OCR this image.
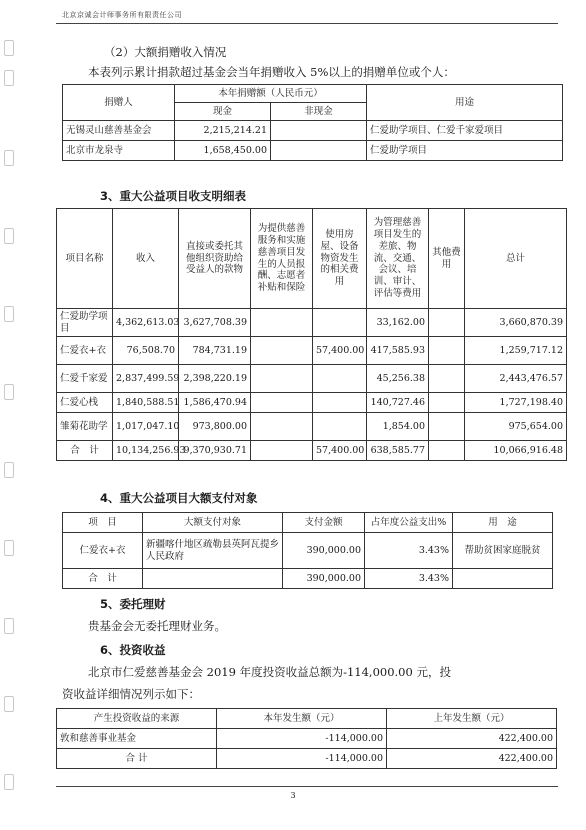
北京京诚会计师事务所有限责任公司
（2）大额捐赠收入情况
本表列示累计捐款超过基金会当年捐赠收入 5%以上的捐赠单位或个人：
捐赠人	本年捐赠额（人民币元）		用途
	现金	非现金	
无锡灵山慈善基金会	2,215,214.21		仁爱助学项目、仁爱千家爱项目
北京市龙泉寺	1,658,450.00		仁爱助学项目
3、重大公益项目收支明细表
项目名称	收入	直接或委托其他组织资助给受益人的款物	为提供慈善服务和实施慈善项目发生的人员报酬、志愿者补贴和保险	使用房屋、设备物资发生的相关费用	为管理慈善项目发生的差旅、物流、交通、会议、培训、审计、评估等费用	其他费用	总计
仁爱助学项目	4,362,613.03	3,627,708.39			33,162.00		3,660,870.39
仁爱衣+衣	76,508.70	784,731.19		57,400.00	417,585.93		1,259,717.12
仁爱千家爱	2,837,499.59	2,398,220.19			45,256.38		2,443,476.57
仁爱心栈	1,840,588.51	1,586,470.94			140,727.46		1,727,198.40
雏菊花助学	1,017,047.10	973,800.00			1,854.00		975,654.00
合　计	10,134,256.93	9,370,930.71		57,400.00	638,585.77		10,066,916.48
4、重大公益项目大额支付对象
项　目	大额支付对象	支付金额	占年度公益支出%	用　途
仁爱衣+衣	新疆喀什地区疏勒县英阿瓦提乡人民政府	390,000.00	3.43%	帮助贫困家庭脱贫
合　计		390,000.00	3.43%	
5、委托理财
贵基金会无委托理财业务。
6、投资收益
北京市仁爱慈善基金会 2019 年度投资收益总额为-114,000.00 元，投
资收益详细情况列示如下：
产生投资收益的来源	本年发生额（元）	上年发生额（元）
敦和慈善事业基金	-114,000.00	422,400.00
合 计	-114,000.00	422,400.00
3
